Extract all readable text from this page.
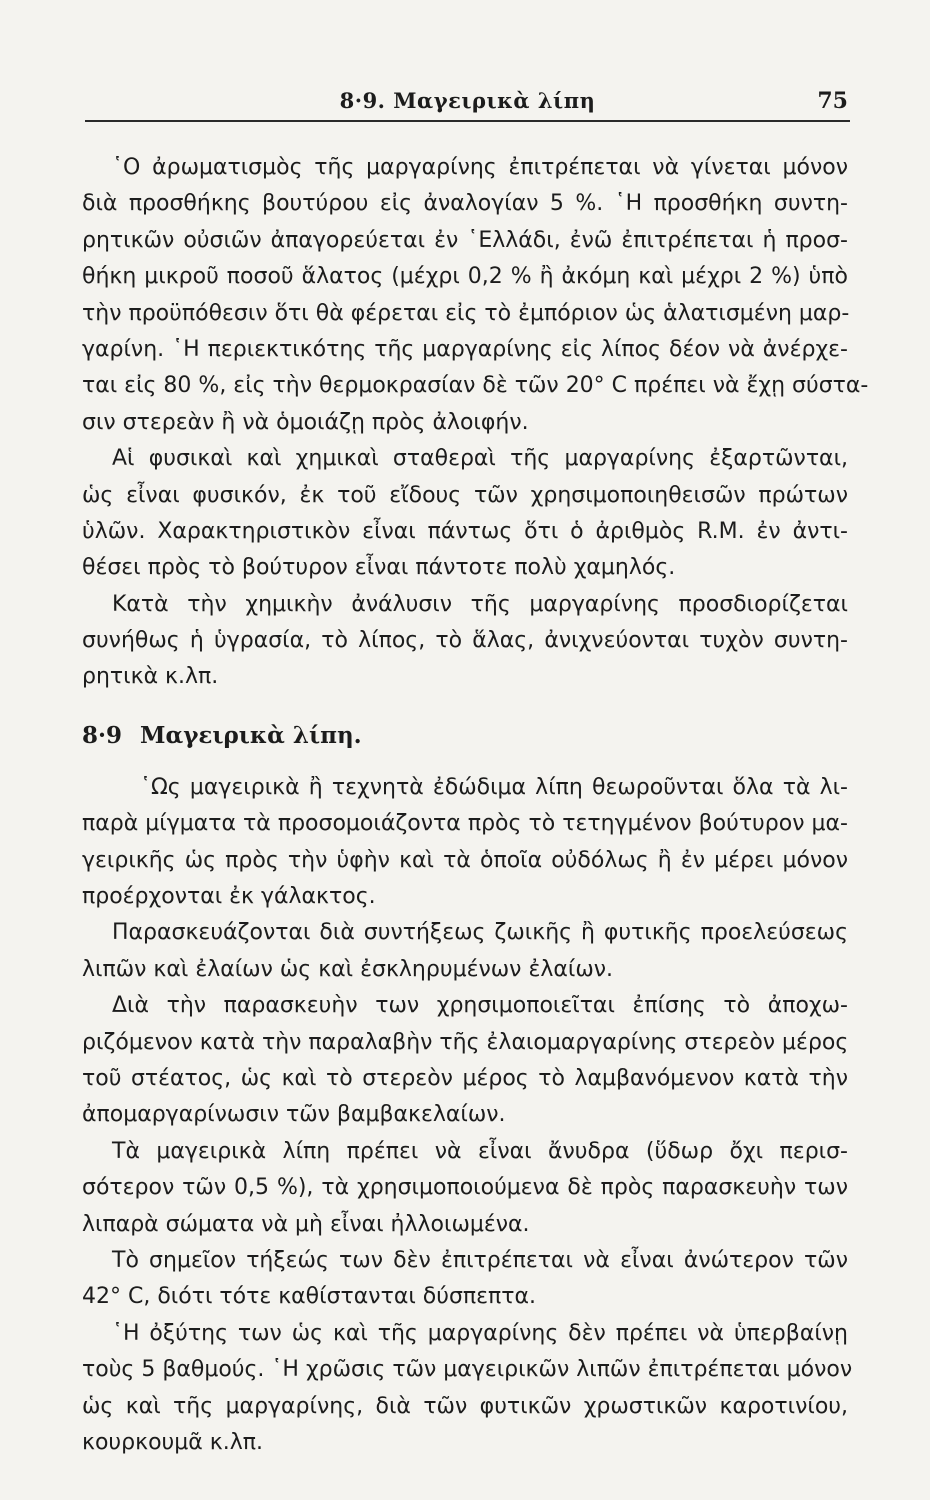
8·9. Μαγειρικὰ λίπη	75
῾Ο ἀρωματισμὸς τῆς μαργαρίνης ἐπιτρέπεται νὰ γίνεται μόνον
διὰ προσθήκης βουτύρου εἰς ἀναλογίαν 5 %. ῾Η προσθήκη συντη-
ρητικῶν οὐσιῶν ἀπαγορεύεται ἐν ῾Ελλάδι, ἐνῶ ἐπιτρέπεται ἡ προσ-
θήκη μικροῦ ποσοῦ ἅλατος (μέχρι 0,2 % ἢ ἀκόμη καὶ μέχρι 2 %) ὑπὸ
τὴν προϋπόθεσιν ὅτι θὰ φέρεται εἰς τὸ ἐμπόριον ὡς ἁλατισμένη μαρ-
γαρίνη. ῾Η περιεκτικότης τῆς μαργαρίνης εἰς λίπος δέον νὰ ἀνέρχε-
ται εἰς 80 %, εἰς τὴν θερμοκρασίαν δὲ τῶν 20° C πρέπει νὰ ἔχῃ σύστα-
σιν στερεὰν ἢ νὰ ὁμοιάζῃ πρὸς ἀλοιφήν.
Αἱ φυσικαὶ καὶ χημικαὶ σταθεραὶ τῆς μαργαρίνης ἐξαρτῶνται,
ὡς εἶναι φυσικόν, ἐκ τοῦ εἴδους τῶν χρησιμοποιηθεισῶν πρώτων
ὑλῶν. Χαρακτηριστικὸν εἶναι πάντως ὅτι ὁ ἀριθμὸς R.M. ἐν ἀντι-
θέσει πρὸς τὸ βούτυρον εἶναι πάντοτε πολὺ χαμηλός.
Κατὰ τὴν χημικὴν ἀνάλυσιν τῆς μαργαρίνης προσδιορίζεται
συνήθως ἡ ὑγρασία, τὸ λίπος, τὸ ἅλας, ἀνιχνεύονται τυχὸν συντη-
ρητικὰ κ.λπ.
8·9 Μαγειρικὰ λίπη.
῾Ως μαγειρικὰ ἢ τεχνητὰ ἐδώδιμα λίπη θεωροῦνται ὅλα τὰ λι-
παρὰ μίγματα τὰ προσομοιάζοντα πρὸς τὸ τετηγμένον βούτυρον μα-
γειρικῆς ὡς πρὸς τὴν ὑφὴν καὶ τὰ ὁποῖα οὐδόλως ἢ ἐν μέρει μόνον
προέρχονται ἐκ γάλακτος.
Παρασκευάζονται διὰ συντήξεως ζωικῆς ἢ φυτικῆς προελεύσεως
λιπῶν καὶ ἐλαίων ὡς καὶ ἐσκληρυμένων ἐλαίων.
Διὰ τὴν παρασκευὴν των χρησιμοποιεῖται ἐπίσης τὸ ἀποχω-
ριζόμενον κατὰ τὴν παραλαβὴν τῆς ἐλαιομαργαρίνης στερεὸν μέρος
τοῦ στέατος, ὡς καὶ τὸ στερεὸν μέρος τὸ λαμβανόμενον κατὰ τὴν
ἀπομαργαρίνωσιν τῶν βαμβακελαίων.
Τὰ μαγειρικὰ λίπη πρέπει νὰ εἶναι ἄνυδρα (ὕδωρ ὄχι περισ-
σότερον τῶν 0,5 %), τὰ χρησιμοποιούμενα δὲ πρὸς παρασκευὴν των
λιπαρὰ σώματα νὰ μὴ εἶναι ἠλλοιωμένα.
Τὸ σημεῖον τήξεώς των δὲν ἐπιτρέπεται νὰ εἶναι ἀνώτερον τῶν
42° C, διότι τότε καθίστανται δύσπεπτα.
῾Η ὀξύτης των ὡς καὶ τῆς μαργαρίνης δὲν πρέπει νὰ ὑπερβαίνῃ
τοὺς 5 βαθμούς. ῾Η χρῶσις τῶν μαγειρικῶν λιπῶν ἐπιτρέπεται μόνον
ὡς καὶ τῆς μαργαρίνης, διὰ τῶν φυτικῶν χρωστικῶν καροτινίου,
κουρκουμᾶ κ.λπ.
